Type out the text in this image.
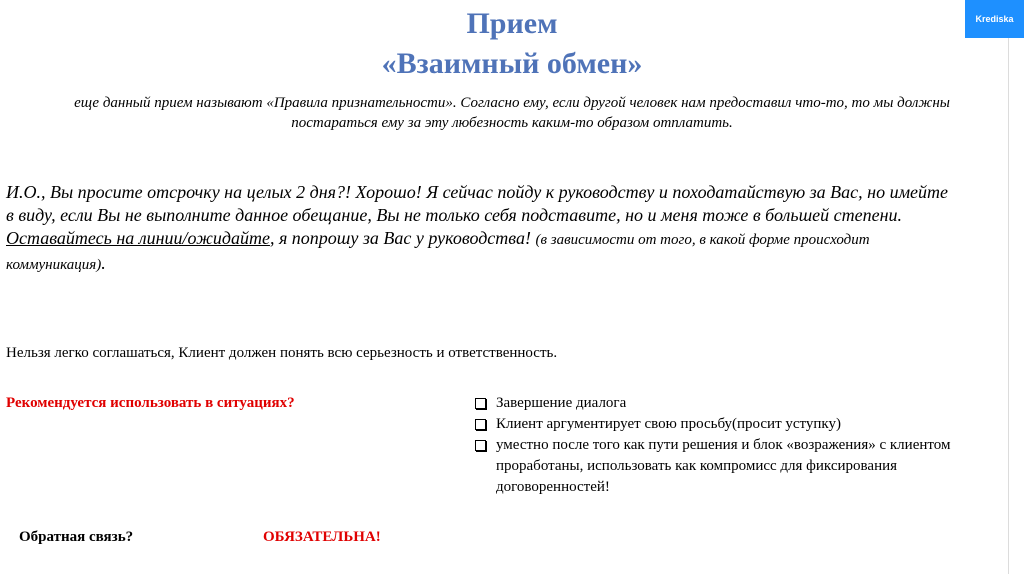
Krediska
Прием
«Взаимный обмен»
еще данный прием называют «Правила признательности». Согласно ему, если другой человек нам предоставил что-то, то мы должны
постараться ему за эту любезность каким-то образом отплатить.
И.О., Вы просите отсрочку на целых 2 дня?! Хорошо! Я сейчас пойду к руководству и походатайствую за Вас, но имейте
в виду, если Вы не выполните данное обещание, Вы не только себя подставите, но и меня тоже в большей степени.
Оставайтесь на линии/ожидайте, я попрошу за Вас у руководства! (в зависимости от того, в какой форме происходит
коммуникация).
Нельзя легко соглашаться, Клиент должен понять всю серьезность и ответственность.
Рекомендуется использовать в ситуациях?	Завершение диалога
Клиент аргументирует свою просьбу(просит уступку)
уместно после того как пути решения и блок «возражения» с клиентом проработаны, использовать как компромисс для фиксирования договоренностей!
Обратная связь?	ОБЯЗАТЕЛЬНА!
